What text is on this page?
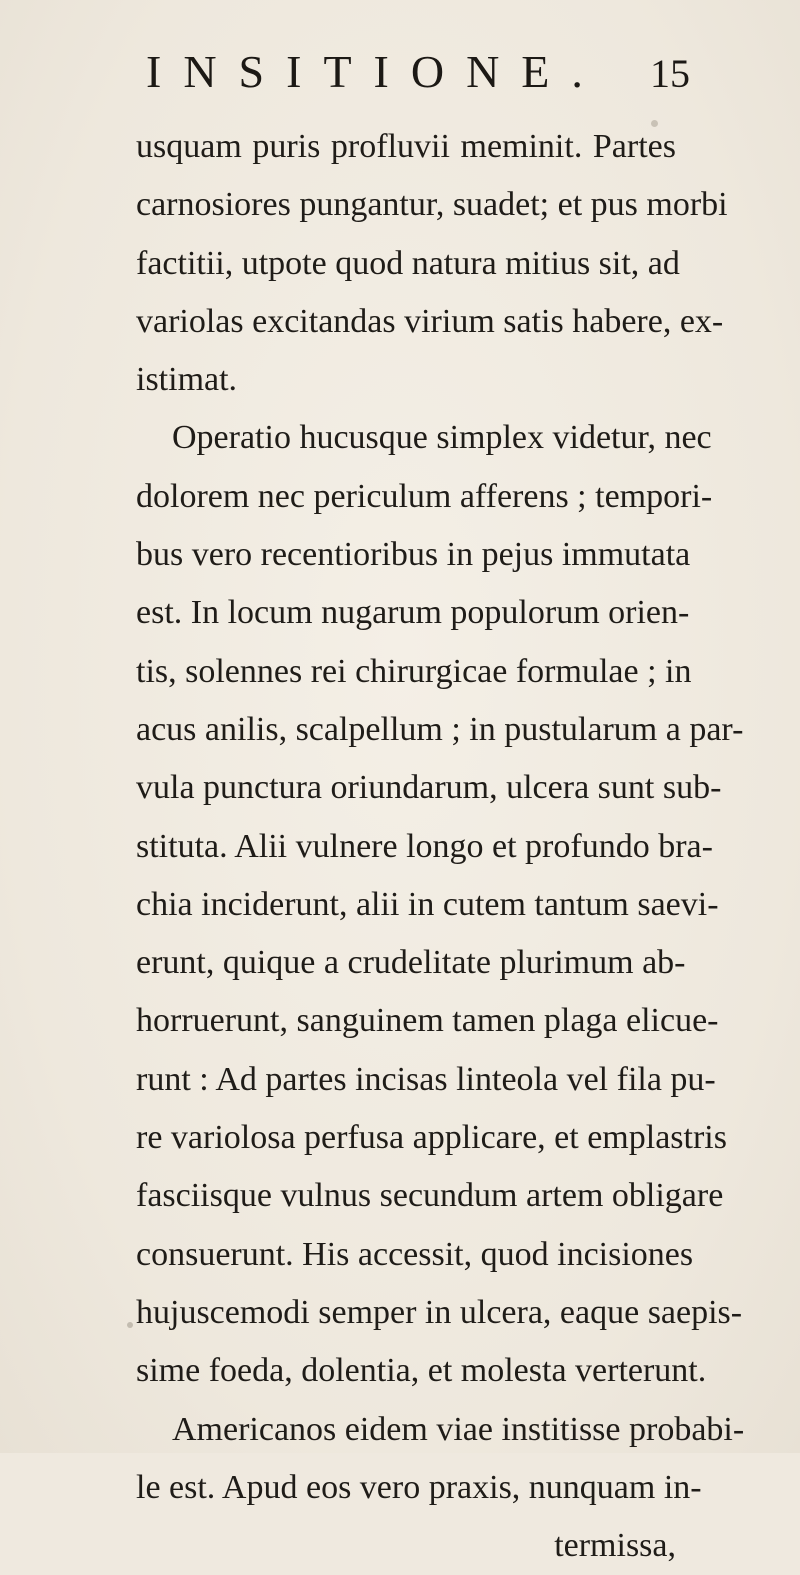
INSITIONE. 15
usquam puris profluvii meminit. Partes
carnosiores pungantur, suadet; et pus morbi
factitii, utpote quod natura mitius sit, ad
variolas excitandas virium satis habere, ex-
istimat.
Operatio hucusque simplex videtur, nec
dolorem nec periculum afferens ; tempori-
bus vero recentioribus in pejus immutata
est. In locum nugarum populorum orien-
tis, solennes rei chirurgicae formulae ; in
acus anilis, scalpellum ; in pustularum a par-
vula punctura oriundarum, ulcera sunt sub-
stituta. Alii vulnere longo et profundo bra-
chia inciderunt, alii in cutem tantum saevi-
erunt, quique a crudelitate plurimum ab-
horruerunt, sanguinem tamen plaga elicue-
runt : Ad partes incisas linteola vel fila pu-
re variolosa perfusa applicare, et emplastris
fasciisque vulnus secundum artem obligare
consuerunt. His accessit, quod incisiones
hujuscemodi semper in ulcera, eaque saepis-
sime foeda, dolentia, et molesta verterunt.
Americanos eidem viae institisse probabi-
le est. Apud eos vero praxis, nunquam in-
termissa,
